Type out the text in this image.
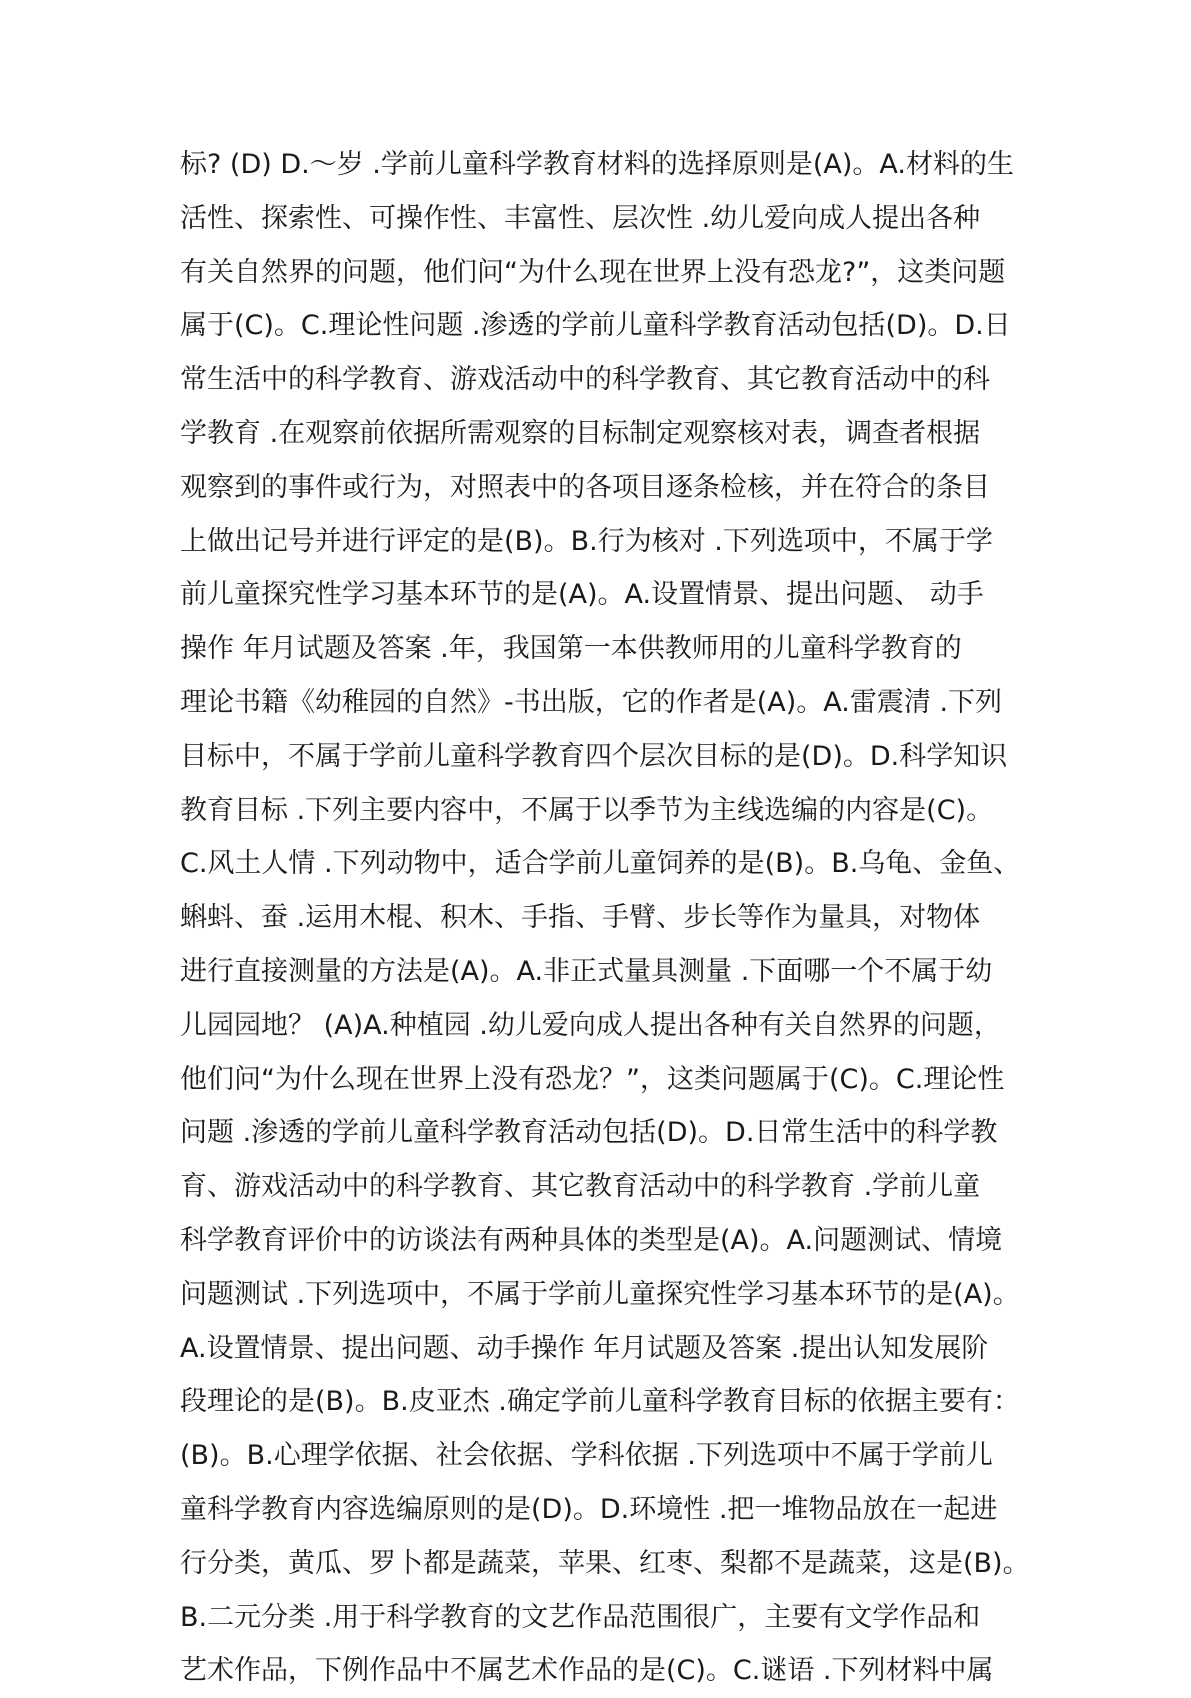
标? (D) D.～岁 .学前儿童科学教育材料的选择原则是(A)。A.材料的生
活性、探索性、可操作性、丰富性、层次性 .幼儿爱向成人提出各种
有关自然界的问题，他们问“为什么现在世界上没有恐龙?”，这类问题
属于(C)。C.理论性问题 .渗透的学前儿童科学教育活动包括(D)。D.日
常生活中的科学教育、游戏活动中的科学教育、其它教育活动中的科
学教育 .在观察前依据所需观察的目标制定观察核对表，调查者根据
观察到的事件或行为，对照表中的各项目逐条检核，并在符合的条目
上做出记号并进行评定的是(B)。B.行为核对 .下列选项中，不属于学
前儿童探究性学习基本环节的是(A)。A.设置情景、提出问题、 动手
操作 年月试题及答案 .年，我国第一本供教师用的儿童科学教育的
理论书籍《幼稚园的自然》-书出版，它的作者是(A)。A.雷震清 .下列
目标中，不属于学前儿童科学教育四个层次目标的是(D)。D.科学知识
教育目标 .下列主要内容中，不属于以季节为主线选编的内容是(C)。
C.风土人情 .下列动物中，适合学前儿童饲养的是(B)。B.乌龟、金鱼、
蝌蚪、蚕 .运用木棍、积木、手指、手臂、步长等作为量具，对物体
进行直接测量的方法是(A)。A.非正式量具测量 .下面哪一个不属于幼
儿园园地？ (A)A.种植园 .幼儿爱向成人提出各种有关自然界的问题，
他们问“为什么现在世界上没有恐龙？”，这类问题属于(C)。C.理论性
问题 .渗透的学前儿童科学教育活动包括(D)。D.日常生活中的科学教
育、游戏活动中的科学教育、其它教育活动中的科学教育 .学前儿童
科学教育评价中的访谈法有两种具体的类型是(A)。A.问题测试、情境
问题测试 .下列选项中，不属于学前儿童探究性学习基本环节的是(A)。
A.设置情景、提出问题、动手操作 年月试题及答案 .提出认知发展阶
段理论的是(B)。B.皮亚杰 .确定学前儿童科学教育目标的依据主要有：
(B)。B.心理学依据、社会依据、学科依据 .下列选项中不属于学前儿
童科学教育内容选编原则的是(D)。D.环境性 .把一堆物品放在一起进
行分类，黄瓜、罗卜都是蔬菜，苹果、红枣、梨都不是蔬菜，这是(B)。
B.二元分类 .用于科学教育的文艺作品范围很广，主要有文学作品和
艺术作品，下例作品中不属艺术作品的是(C)。C.谜语 .下列材料中属
